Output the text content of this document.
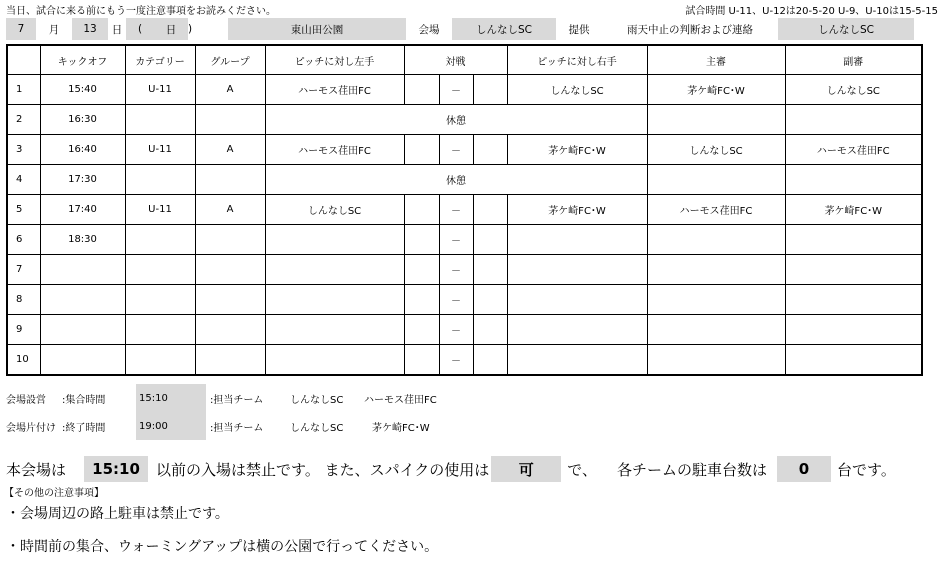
当日、試合に来る前にもう一度注意事項をお読みください。	試合時間 U-11、U-12は20-5-20 U-9、U-10は15-5-15
7	月	13	日	(	日	)	東山田公園	会場	しんなしSC	提供	雨天中止の判断および連絡	しんなしSC
	キックオフ	カテゴリー	グループ	ピッチに対し左手	対戦			ピッチに対し右手	主審	副審
1	15:40	U-11	A	ハーモス荏田FC		－		しんなしSC	茅ケ崎FC･W	しんなしSC
2	16:30			休憩						
3	16:40	U-11	A	ハーモス荏田FC		－		茅ケ崎FC･W	しんなしSC	ハーモス荏田FC
4	17:30			休憩						
5	17:40	U-11	A	しんなしSC		－		茅ケ崎FC･W	ハーモス荏田FC	茅ケ崎FC･W
6	18:30					－				
7						－				
8						－				
9						－				
10						－				
会場設営	:集合時間	15:10	:担当チーム	しんなしSC	ハーモス荏田FC
会場片付け :終了時間	19:00	:担当チーム	しんなしSC	茅ケ崎FC･W
本会場は	15:10	以前の入場は禁止です。 また、スパイクの使用は	可	で、 各チームの駐車台数は	0	台です。
【その他の注意事項】
・会場周辺の路上駐車は禁止です。
・時間前の集合、ウォーミングアップは横の公園で行ってください。
